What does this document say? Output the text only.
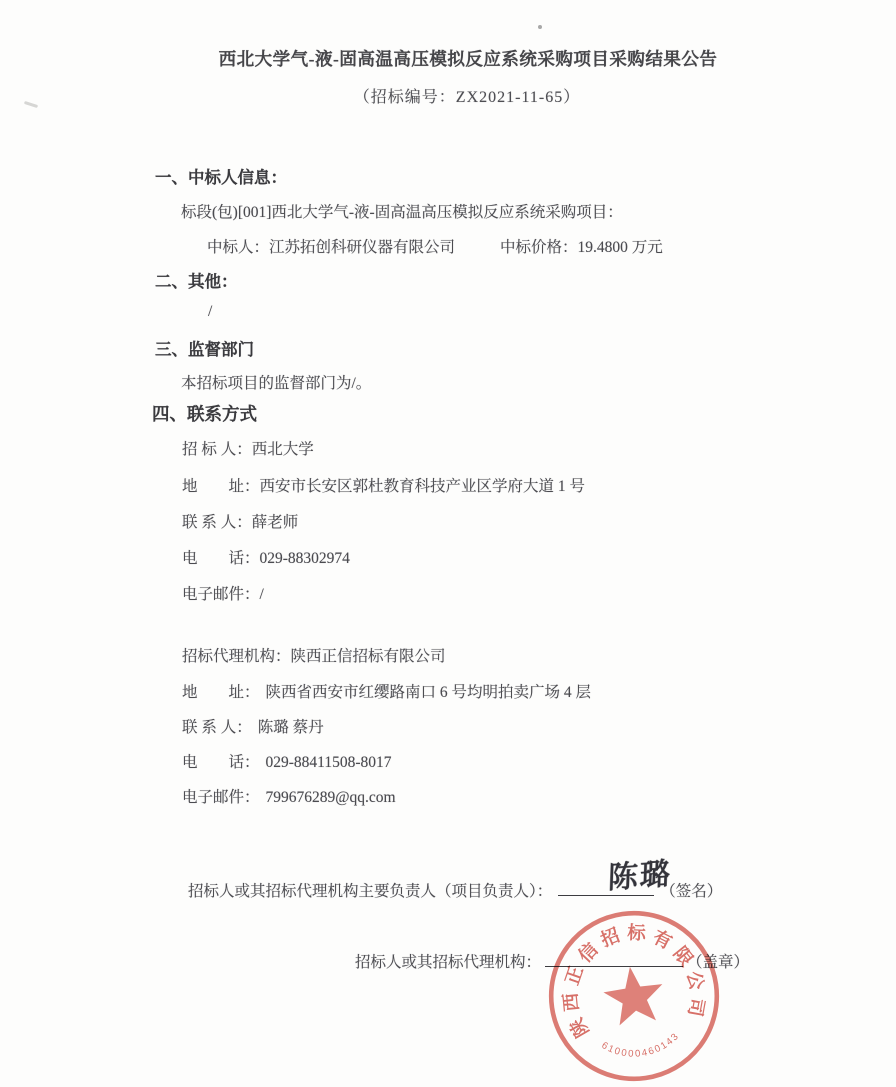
西北大学气-液-固高温高压模拟反应系统采购项目采购结果公告
（招标编号：ZX2021-11-65）
一、中标人信息：
标段(包)[001]西北大学气-液-固高温高压模拟反应系统采购项目：
中标人： 江苏拓创科研仪器有限公司	中标价格： 19.4800 万元
二、其他：
/
三、监督部门
本招标项目的监督部门为/。
四、联系方式
招 标 人： 西北大学
地　　址： 西安市长安区郭杜教育科技产业区学府大道 1 号
联 系 人： 薛老师
电　　话： 029-88302974
电子邮件： /
招标代理机构： 陕西正信招标有限公司
地　　址： 陕西省西安市红缨路南口 6 号均明拍卖广场 4 层
联 系 人： 陈璐 蔡丹
电　　话： 029-88411508-8017
电子邮件： 799676289@qq.com
招标人或其招标代理机构主要负责人（项目负责人）：	（签名）
陈璐
招标人或其招标代理机构：	（盖章）
陕西正信招标有限公司
610000460143
